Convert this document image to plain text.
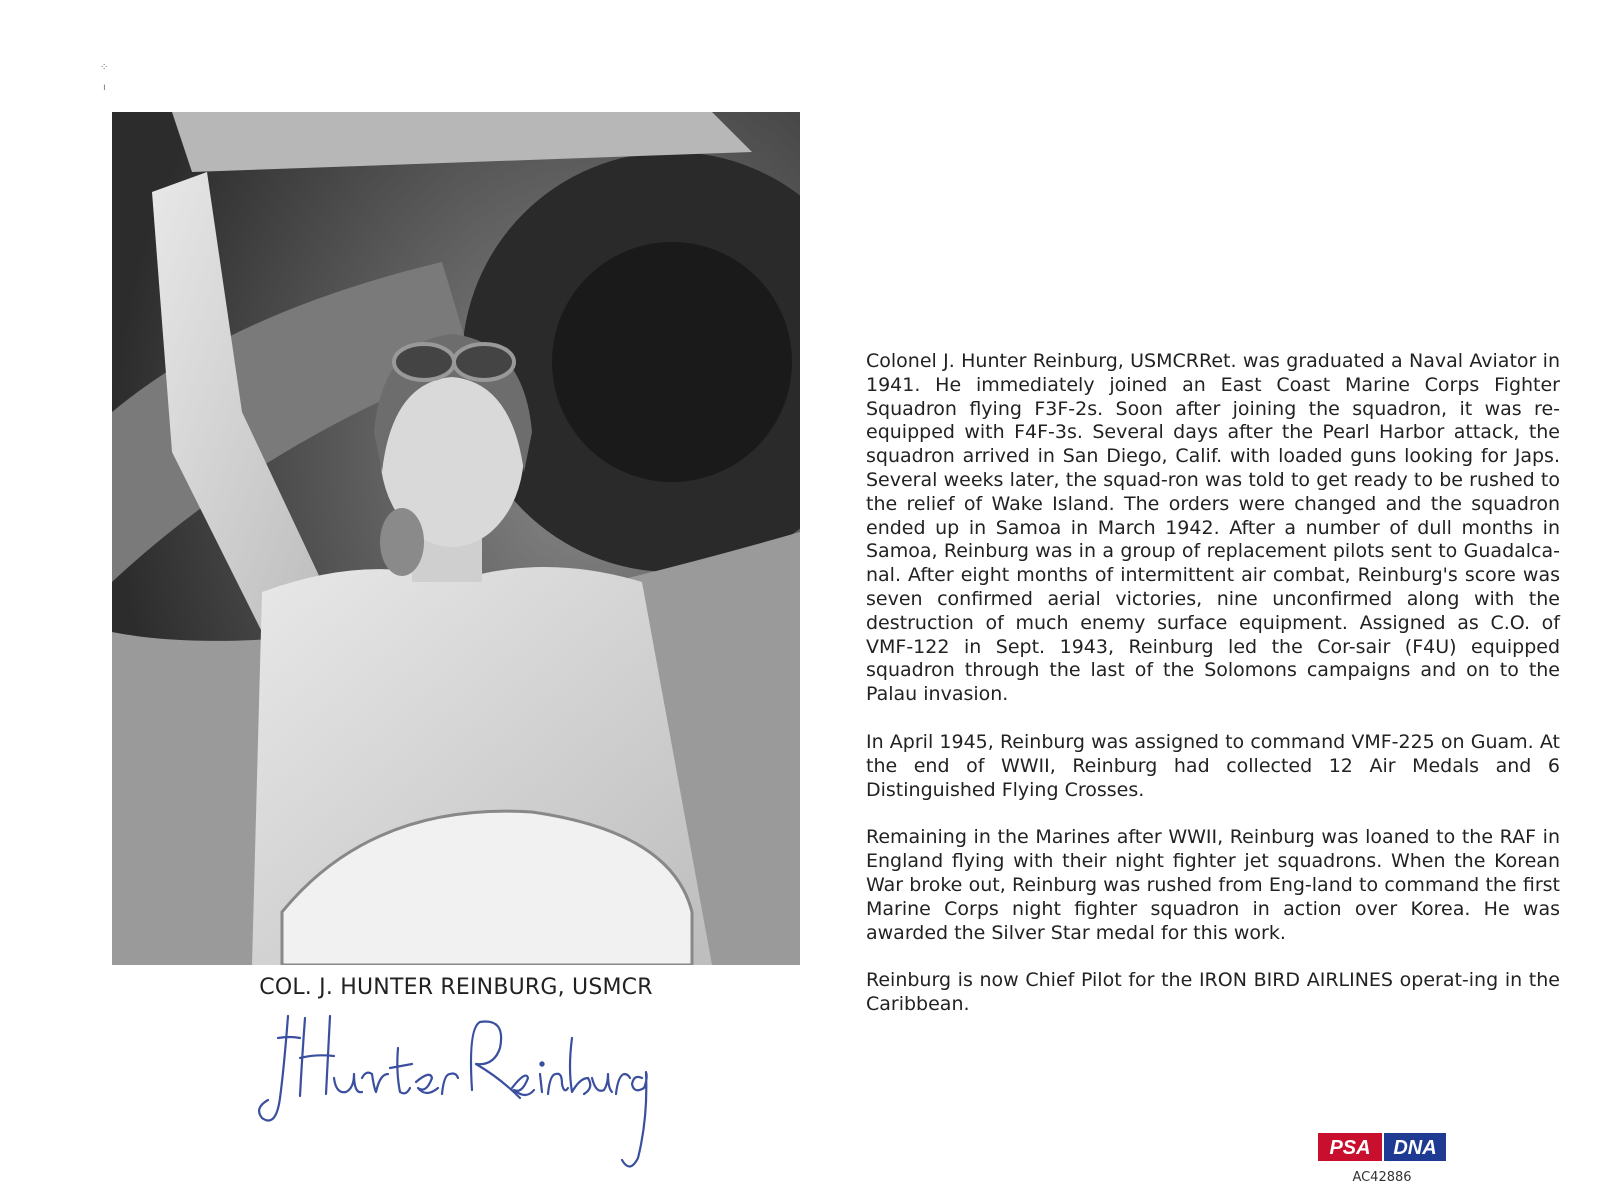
⁘
ı
COL. J. HUNTER REINBURG, USMCR

Colonel J. Hunter Reinburg, USMCRRet. was graduated a Naval Aviator in 1941. He immediately joined an East Coast Marine Corps Fighter Squadron flying F3F-2s. Soon after joining the squadron, it was re-equipped with F4F-3s. Several days after the Pearl Harbor attack, the squadron arrived in San Diego, Calif. with loaded guns looking for Japs. Several weeks later, the squad-ron was told to get ready to be rushed to the relief of Wake Island. The orders were changed and the squadron ended up in Samoa in March 1942. After a number of dull months in Samoa, Reinburg was in a group of replacement pilots sent to Guadalca-nal. After eight months of intermittent air combat, Reinburg's score was seven confirmed aerial victories, nine unconfirmed along with the destruction of much enemy surface equipment. Assigned as C.O. of VMF-122 in Sept. 1943, Reinburg led the Cor-sair (F4U) equipped squadron through the last of the Solomons campaigns and on to the Palau invasion.

In April 1945, Reinburg was assigned to command VMF-225 on Guam. At the end of WWII, Reinburg had collected 12 Air Medals and 6 Distinguished Flying Crosses.

Remaining in the Marines after WWII, Reinburg was loaned to the RAF in England flying with their night fighter jet squadrons. When the Korean War broke out, Reinburg was rushed from Eng-land to command the first Marine Corps night fighter squadron in action over Korea. He was awarded the Silver Star medal for this work.

Reinburg is now Chief Pilot for the IRON BIRD AIRLINES operat-ing in the Caribbean.

PSA DNA
AC42886
